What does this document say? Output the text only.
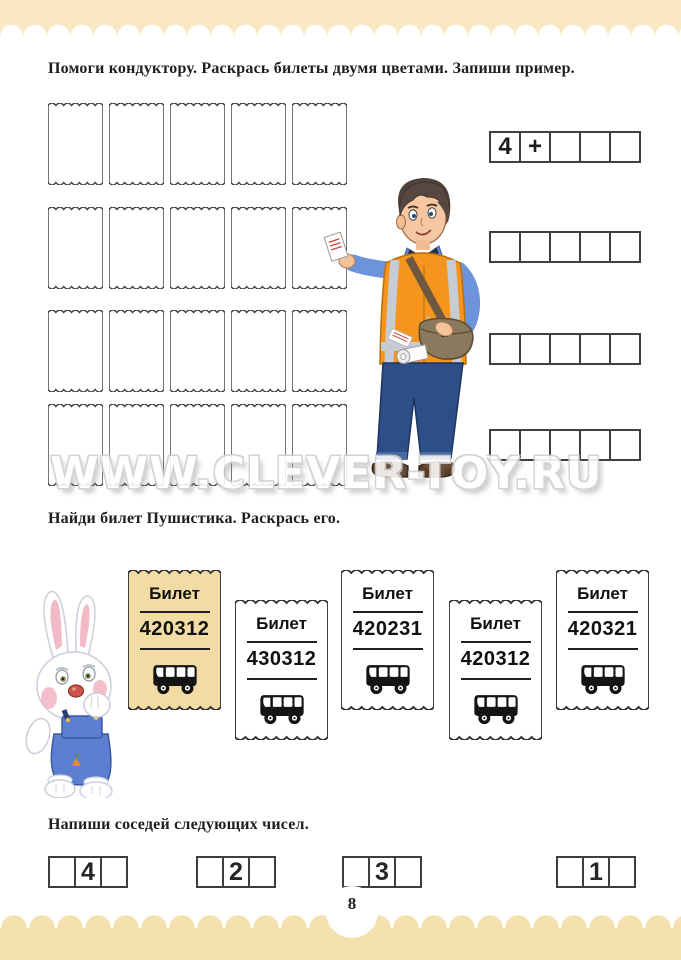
Помоги кондуктору. Раскрась билеты двумя цветами. Запиши пример.
4 +
WWW.CLEVER-TOY.RU
Найди билет Пушистика. Раскрась его.
Билет
420312	Билет
430312
Билет
420231	Билет
420312
Билет
420321
Напиши соседей следующих чисел.
4	2	3	1
8
